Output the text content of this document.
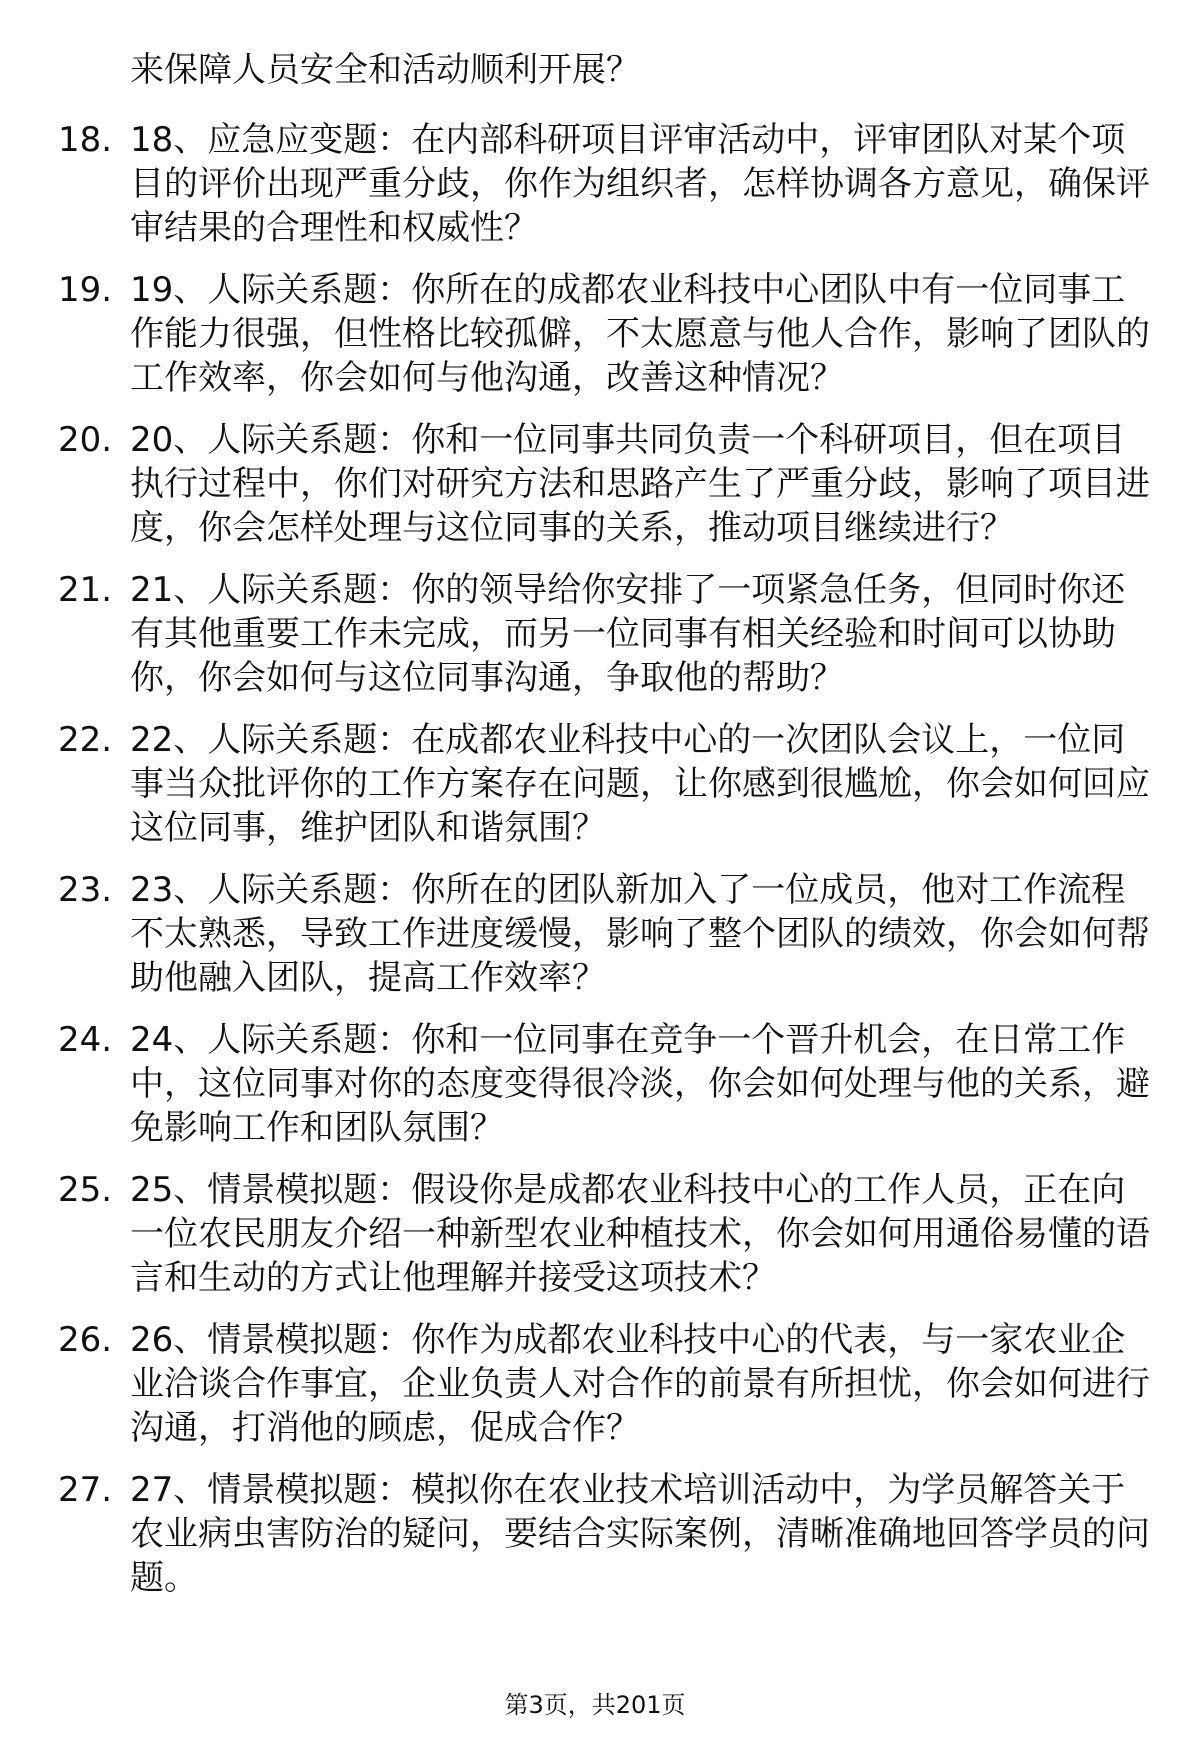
来保障人员安全和活动顺利开展？

18. 18、应急应变题：在内部科研项目评审活动中，评审团队对某个项目的评价出现严重分歧，你作为组织者，怎样协调各方意见，确保评审结果的合理性和权威性？
19. 19、人际关系题：你所在的成都农业科技中心团队中有一位同事工作能力很强，但性格比较孤僻，不太愿意与他人合作，影响了团队的工作效率，你会如何与他沟通，改善这种情况？
20. 20、人际关系题：你和一位同事共同负责一个科研项目，但在项目执行过程中，你们对研究方法和思路产生了严重分歧，影响了项目进度，你会怎样处理与这位同事的关系，推动项目继续进行？
21. 21、人际关系题：你的领导给你安排了一项紧急任务，但同时你还有其他重要工作未完成，而另一位同事有相关经验和时间可以协助你，你会如何与这位同事沟通，争取他的帮助？
22. 22、人际关系题：在成都农业科技中心的一次团队会议上，一位同事当众批评你的工作方案存在问题，让你感到很尴尬，你会如何回应这位同事，维护团队和谐氛围？
23. 23、人际关系题：你所在的团队新加入了一位成员，他对工作流程不太熟悉，导致工作进度缓慢，影响了整个团队的绩效，你会如何帮助他融入团队，提高工作效率？
24. 24、人际关系题：你和一位同事在竞争一个晋升机会，在日常工作中，这位同事对你的态度变得很冷淡，你会如何处理与他的关系，避免影响工作和团队氛围？
25. 25、情景模拟题：假设你是成都农业科技中心的工作人员，正在向一位农民朋友介绍一种新型农业种植技术，你会如何用通俗易懂的语言和生动的方式让他理解并接受这项技术？
26. 26、情景模拟题：你作为成都农业科技中心的代表，与一家农业企业洽谈合作事宜，企业负责人对合作的前景有所担忧，你会如何进行沟通，打消他的顾虑，促成合作？
27. 27、情景模拟题：模拟你在农业技术培训活动中，为学员解答关于农业病虫害防治的疑问，要结合实际案例，清晰准确地回答学员的问题。
第3页，共201页
